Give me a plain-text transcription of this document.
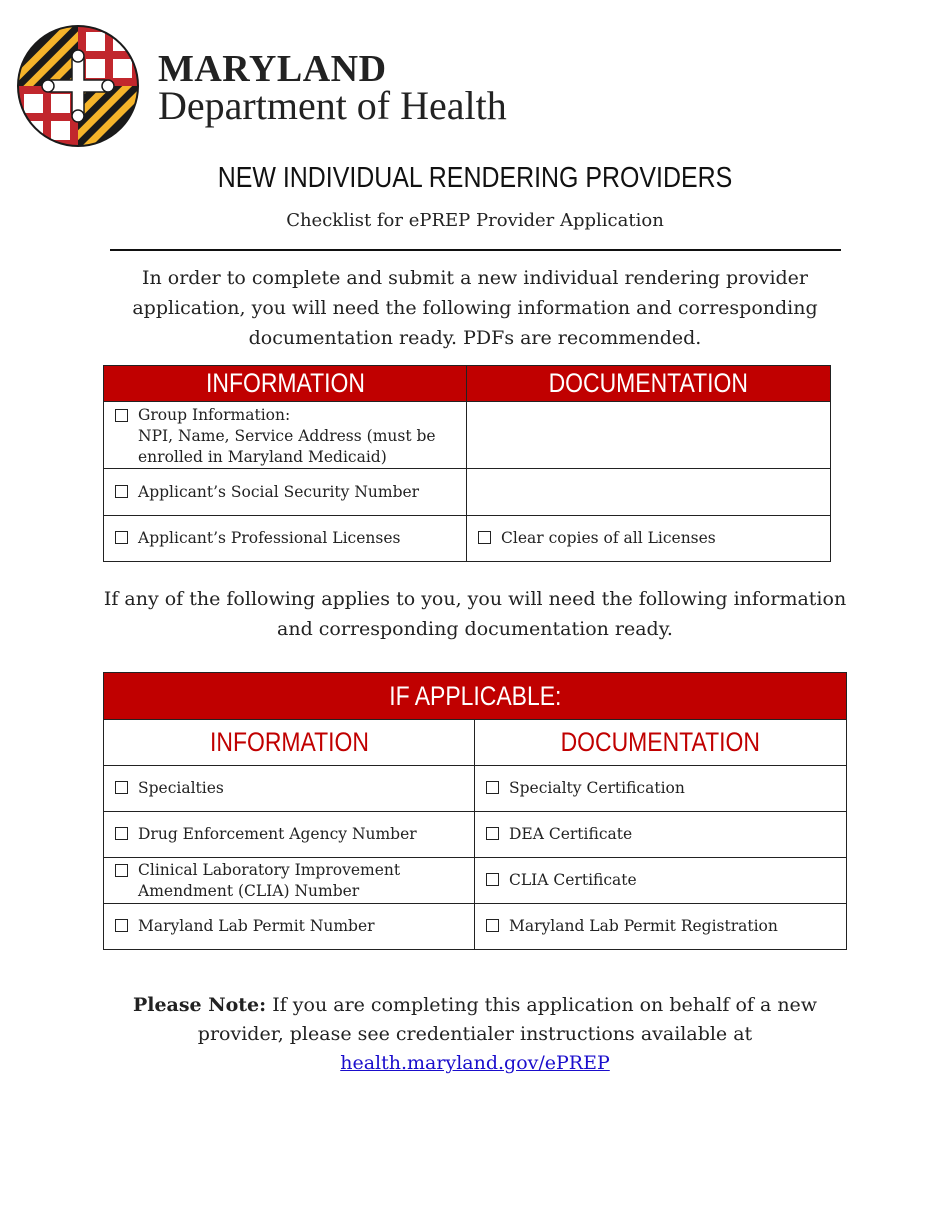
MARYLAND
Department of Health
NEW INDIVIDUAL RENDERING PROVIDERS
Checklist for ePREP Provider Application
In order to complete and submit a new individual rendering provider application, you will need the following information and corresponding documentation ready. PDFs are recommended.
INFORMATION	DOCUMENTATION

Group Information:
NPI, Name, Service Address (must be enrolled in Maryland Medicaid)	

Applicant’s Social Security Number	
Applicant’s Professional Licenses	Clear copies of all Licenses
If any of the following applies to you, you will need the following information and corresponding documentation ready.
IF APPLICABLE:	
INFORMATION	DOCUMENTATION
Specialties	Specialty Certification
Drug Enforcement Agency Number	DEA Certificate

Clinical Laboratory Improvement
Amendment (CLIA) Number	CLIA Certificate
Maryland Lab Permit Number	Maryland Lab Permit Registration
Please Note: If you are completing this application on behalf of a new provider, please see credentialer instructions available at
health.maryland.gov/ePREP
